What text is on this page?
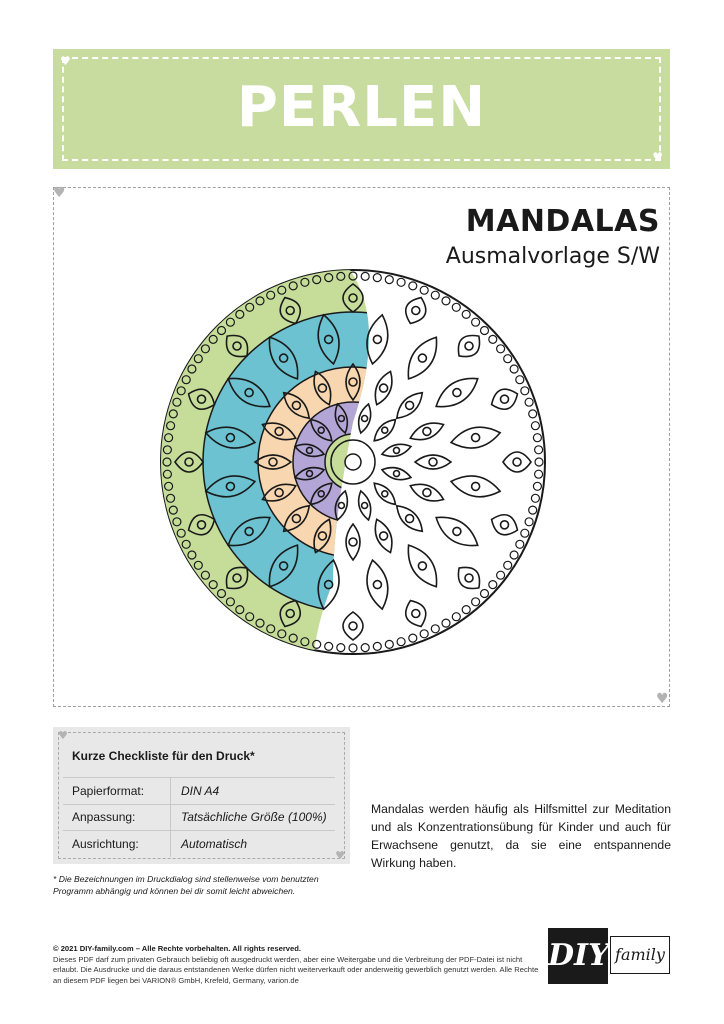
♥
♥
PERLEN
♥
♥
MANDALAS
Ausmalvorlage S/W
♥
♥
Kurze Checkliste für den Druck*
Papierformat:	DIN A4
Anpassung:	Tatsächliche Größe (100%)
Ausrichtung:	Automatisch
* Die Bezeichnungen im Druckdialog sind stellenweise vom benutzten Programm abhängig und können bei dir somit leicht abweichen.
Mandalas werden häufig als Hilfsmittel zur Meditation und als Konzentrationsübung für Kinder und auch für Erwachsene genutzt, da sie eine entspannende Wirkung haben.
© 2021 DIY-family.com – Alle Rechte vorbehalten. All rights reserved.
Dieses PDF darf zum privaten Gebrauch beliebig oft ausgedruckt werden, aber eine Weitergabe und die Verbreitung der PDF-Datei ist nicht erlaubt. Die Ausdrucke und die daraus entstandenen Werke dürfen nicht weiterverkauft oder anderweitig gewerblich genutzt werden. Alle Rechte an diesem PDF liegen bei VARION® GmbH, Krefeld, Germany, varion.de
DIY family
